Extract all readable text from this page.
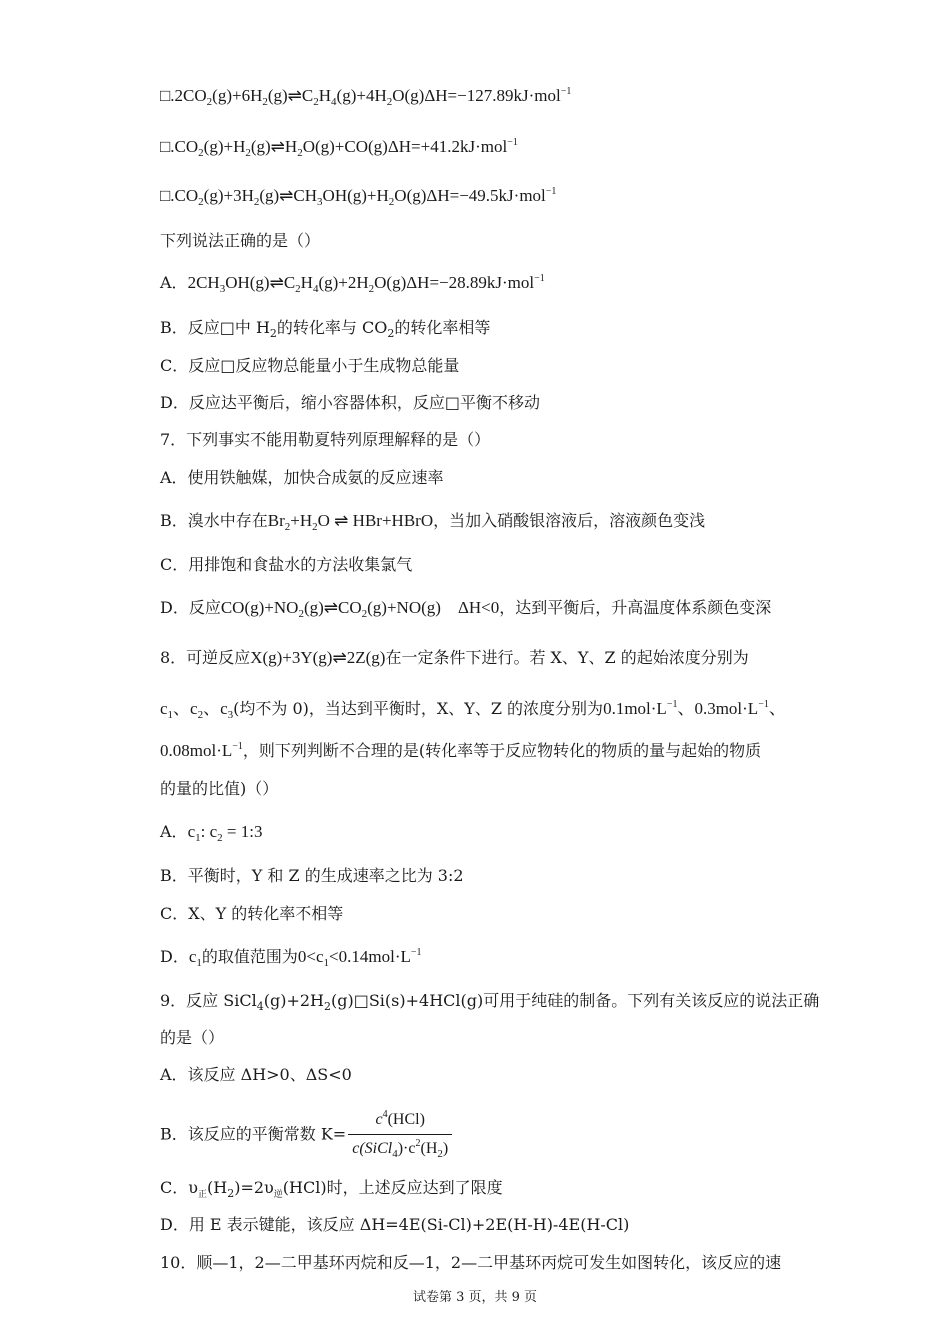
$□.2CO_2(g)+6H_2(g)\rightleftharpoons C_2H_4(g)+4H_2O(g)\Delta H=-127.89kJ\cdot mol^{-1}$
$□.CO_2(g)+H_2(g)\rightleftharpoons H_2O(g)+CO(g)\Delta H=+41.2kJ\cdot mol^{-1}$
$□.CO_2(g)+3H_2(g)\rightleftharpoons CH_3OH(g)+H_2O(g)\Delta H=-49.5kJ\cdot mol^{-1}$
下列说法正确的是（）
A．$2CH_3OH(g)\rightleftharpoons C_2H_4(g)+2H_2O(g)\Delta H=-28.89kJ\cdot mol^{-1}$
B．反应□中 $H_2$的转化率与 $CO_2$的转化率相等
C．反应□反应物总能量小于生成物总能量
D．反应达平衡后，缩小容器体积，反应□平衡不移动
7．下列事实不能用勒夏特列原理解释的是（）
A．使用铁触媒，加快合成氨的反应速率
B．溴水中存在$Br_2+H_2O$ ⇌ HBr+HBrO，当加入硝酸银溶液后，溶液颜色变浅
C．用排饱和食盐水的方法收集氯气
D．反应$CO(g)+NO_2(g)\rightleftharpoons CO_2(g)+NO(g)$ ΔH<0，达到平衡后，升高温度体系颜色变深
8．可逆反应X(g)+3Y(g)⇌2Z(g)在一定条件下进行。若 X、Y、Z 的起始浓度分别为
$c_1$、$c_2$、$c_3$(均不为 0)，当达到平衡时，X、Y、Z 的浓度分别为$0.1mol\cdot L^{-1}$、$0.3mol\cdot L^{-1}$、
$0.08mol\cdot L^{-1}$，则下列判断不合理的是(转化率等于反应物转化的物质的量与起始的物质
的量的比值)（）
A．$c_1$: $c_2$ = 1:3
B．平衡时，Y 和 Z 的生成速率之比为 3:2
C．X、Y 的转化率不相等
D．$c_1$的取值范围为$0<c_1<0.14mol\cdot L^{-1}$
9．反应 $SiCl_4(g)+2H_2(g)□Si(s)+4HCl(g)$可用于纯硅的制备。下列有关该反应的说法正确
的是（）
A．该反应 ΔH>0、ΔS<0
B．该反应的平衡常数 $K= \frac{c^4(HCl)}{c(SiCl_4)\cdot c^2(H_2)}$
C．$\upsilon_正(H_2)=2\upsilon_逆(HCl)$时，上述反应达到了限度
D．用 E 表示键能，该反应 ΔH=4E(Si-Cl)+2E(H-H)-4E(H-Cl)
10．顺—1，2—二甲基环丙烷和反—1，2—二甲基环丙烷可发生如图转化，该反应的速
试卷第 3 页，共 9 页
